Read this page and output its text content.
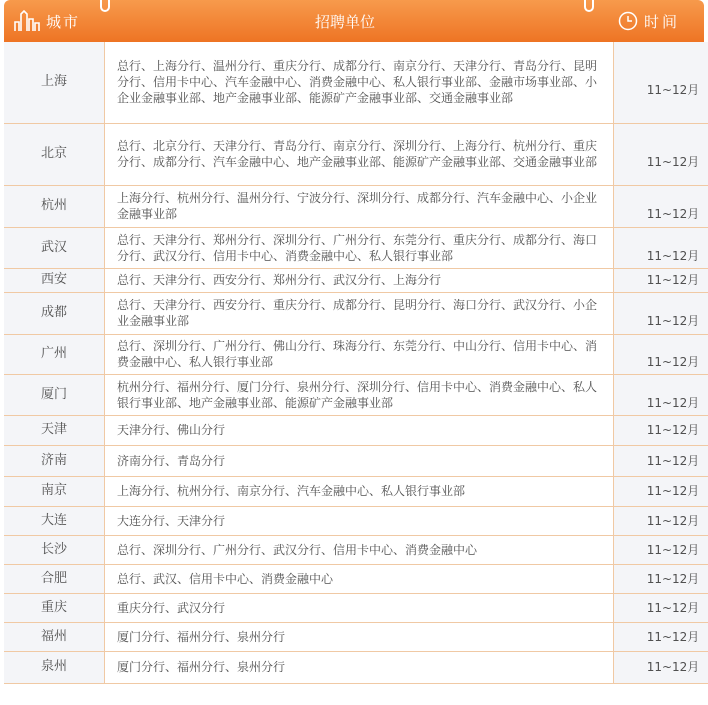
城市	招聘单位	时间
上海	总行、上海分行、温州分行、重庆分行、成都分行、南京分行、天津分行、青岛分行、昆明分行、信用卡中心、汽车金融中心、消费金融中心、私人银行事业部、金融市场事业部、小企业金融事业部、地产金融事业部、能源矿产金融事业部、交通金融事业部	11~12月
北京	总行、北京分行、天津分行、青岛分行、南京分行、深圳分行、上海分行、杭州分行、重庆分行、成都分行、汽车金融中心、地产金融事业部、能源矿产金融事业部、交通金融事业部	11~12月
杭州	上海分行、杭州分行、温州分行、宁波分行、深圳分行、成都分行、汽车金融中心、小企业金融事业部	11~12月
武汉	总行、天津分行、郑州分行、深圳分行、广州分行、东莞分行、重庆分行、成都分行、海口分行、武汉分行、信用卡中心、消费金融中心、私人银行事业部	11~12月
西安	总行、天津分行、西安分行、郑州分行、武汉分行、上海分行	11~12月
成都	总行、天津分行、西安分行、重庆分行、成都分行、昆明分行、海口分行、武汉分行、小企业金融事业部	11~12月
广州	总行、深圳分行、广州分行、佛山分行、珠海分行、东莞分行、中山分行、信用卡中心、消费金融中心、私人银行事业部	11~12月
厦门	杭州分行、福州分行、厦门分行、泉州分行、深圳分行、信用卡中心、消费金融中心、私人银行事业部、地产金融事业部、能源矿产金融事业部	11~12月
天津	天津分行、佛山分行	11~12月
济南	济南分行、青岛分行	11~12月
南京	上海分行、杭州分行、南京分行、汽车金融中心、私人银行事业部	11~12月
大连	大连分行、天津分行	11~12月
长沙	总行、深圳分行、广州分行、武汉分行、信用卡中心、消费金融中心	11~12月
合肥	总行、武汉、信用卡中心、消费金融中心	11~12月
重庆	重庆分行、武汉分行	11~12月
福州	厦门分行、福州分行、泉州分行	11~12月
泉州	厦门分行、福州分行、泉州分行	11~12月
